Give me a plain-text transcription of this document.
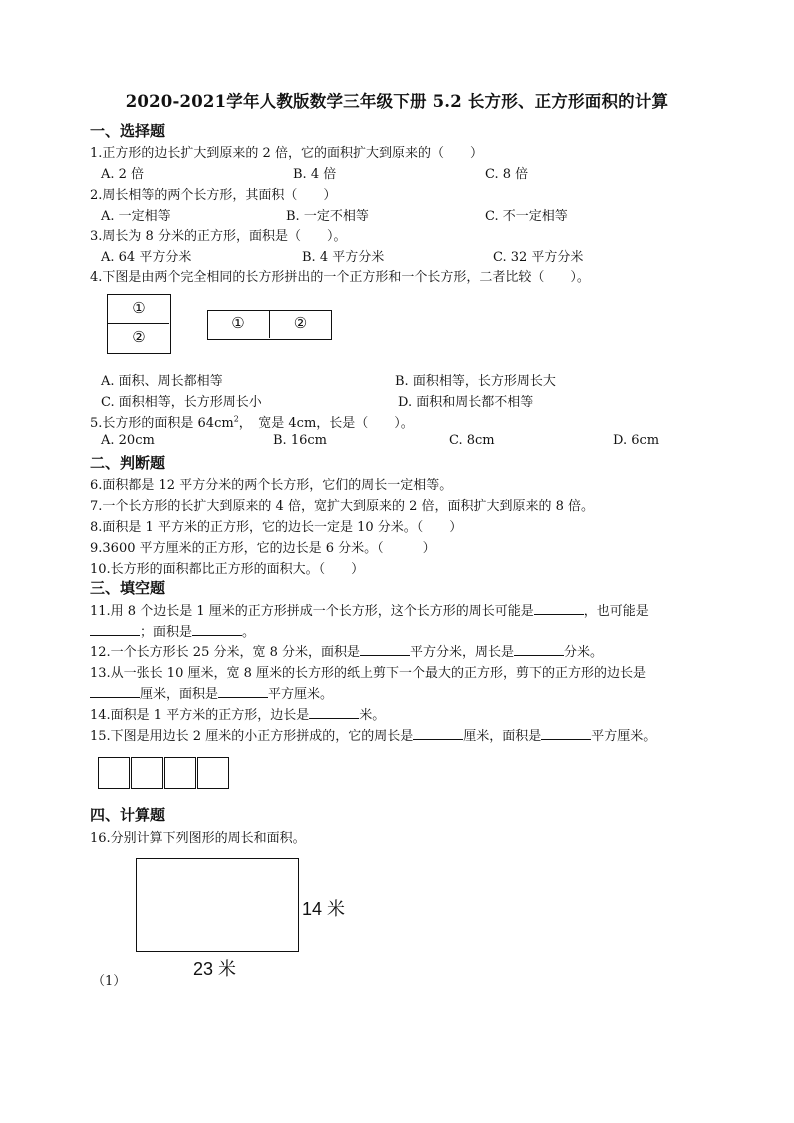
2020-2021学年人教版数学三年级下册 5.2 长方形、正方形面积的计算
一、选择题
1.正方形的边长扩大到原来的 2 倍，它的面积扩大到原来的（　　）
A. 2 倍	B. 4 倍	C. 8 倍
2.周长相等的两个长方形，其面积（　　）
A. 一定相等	B. 一定不相等	C. 不一定相等
3.周长为 8 分米的正方形，面积是（　　）。
A. 64 平方分米	B. 4 平方分米	C. 32 平方分米
4.下图是由两个完全相同的长方形拼出的一个正方形和一个长方形，二者比较（　　）。
①
②
①	②
A. 面积、周长都相等	B. 面积相等，长方形周长大
C. 面积相等，长方形周长小	D. 面积和周长都不相等
5.长方形的面积是 $64cm^2$，　宽是 4cm，长是（　　）。
A. 20cm	B. 16cm	C. 8cm	D. 6cm
二、判断题
6.面积都是 12 平方分米的两个长方形，它们的周长一定相等。
7.一个长方形的长扩大到原来的 4 倍，宽扩大到原来的 2 倍，面积扩大到原来的 8 倍。
8.面积是 1 平方米的正方形，它的边长一定是 10 分米。（　　）
9.3600 平方厘米的正方形，它的边长是 6 分米。（　　　）
10.长方形的面积都比正方形的面积大。（　　）
三、填空题
11.用 8 个边长是 1 厘米的正方形拼成一个长方形，这个长方形的周长可能是	，也可能是
；面积是	。
12.一个长方形长 25 分米，宽 8 分米，面积是	平方分米，周长是	分米。
13.从一张长 10 厘米，宽 8 厘米的长方形的纸上剪下一个最大的正方形，剪下的正方形的边长是
厘米，面积是	平方厘米。
14.面积是 1 平方米的正方形，边长是	米。
15.下图是用边长 2 厘米的小正方形拼成的，它的周长是	厘米，面积是	平方厘米。
四、计算题
16.分别计算下列图形的周长和面积。
14 米
23 米
（1）
